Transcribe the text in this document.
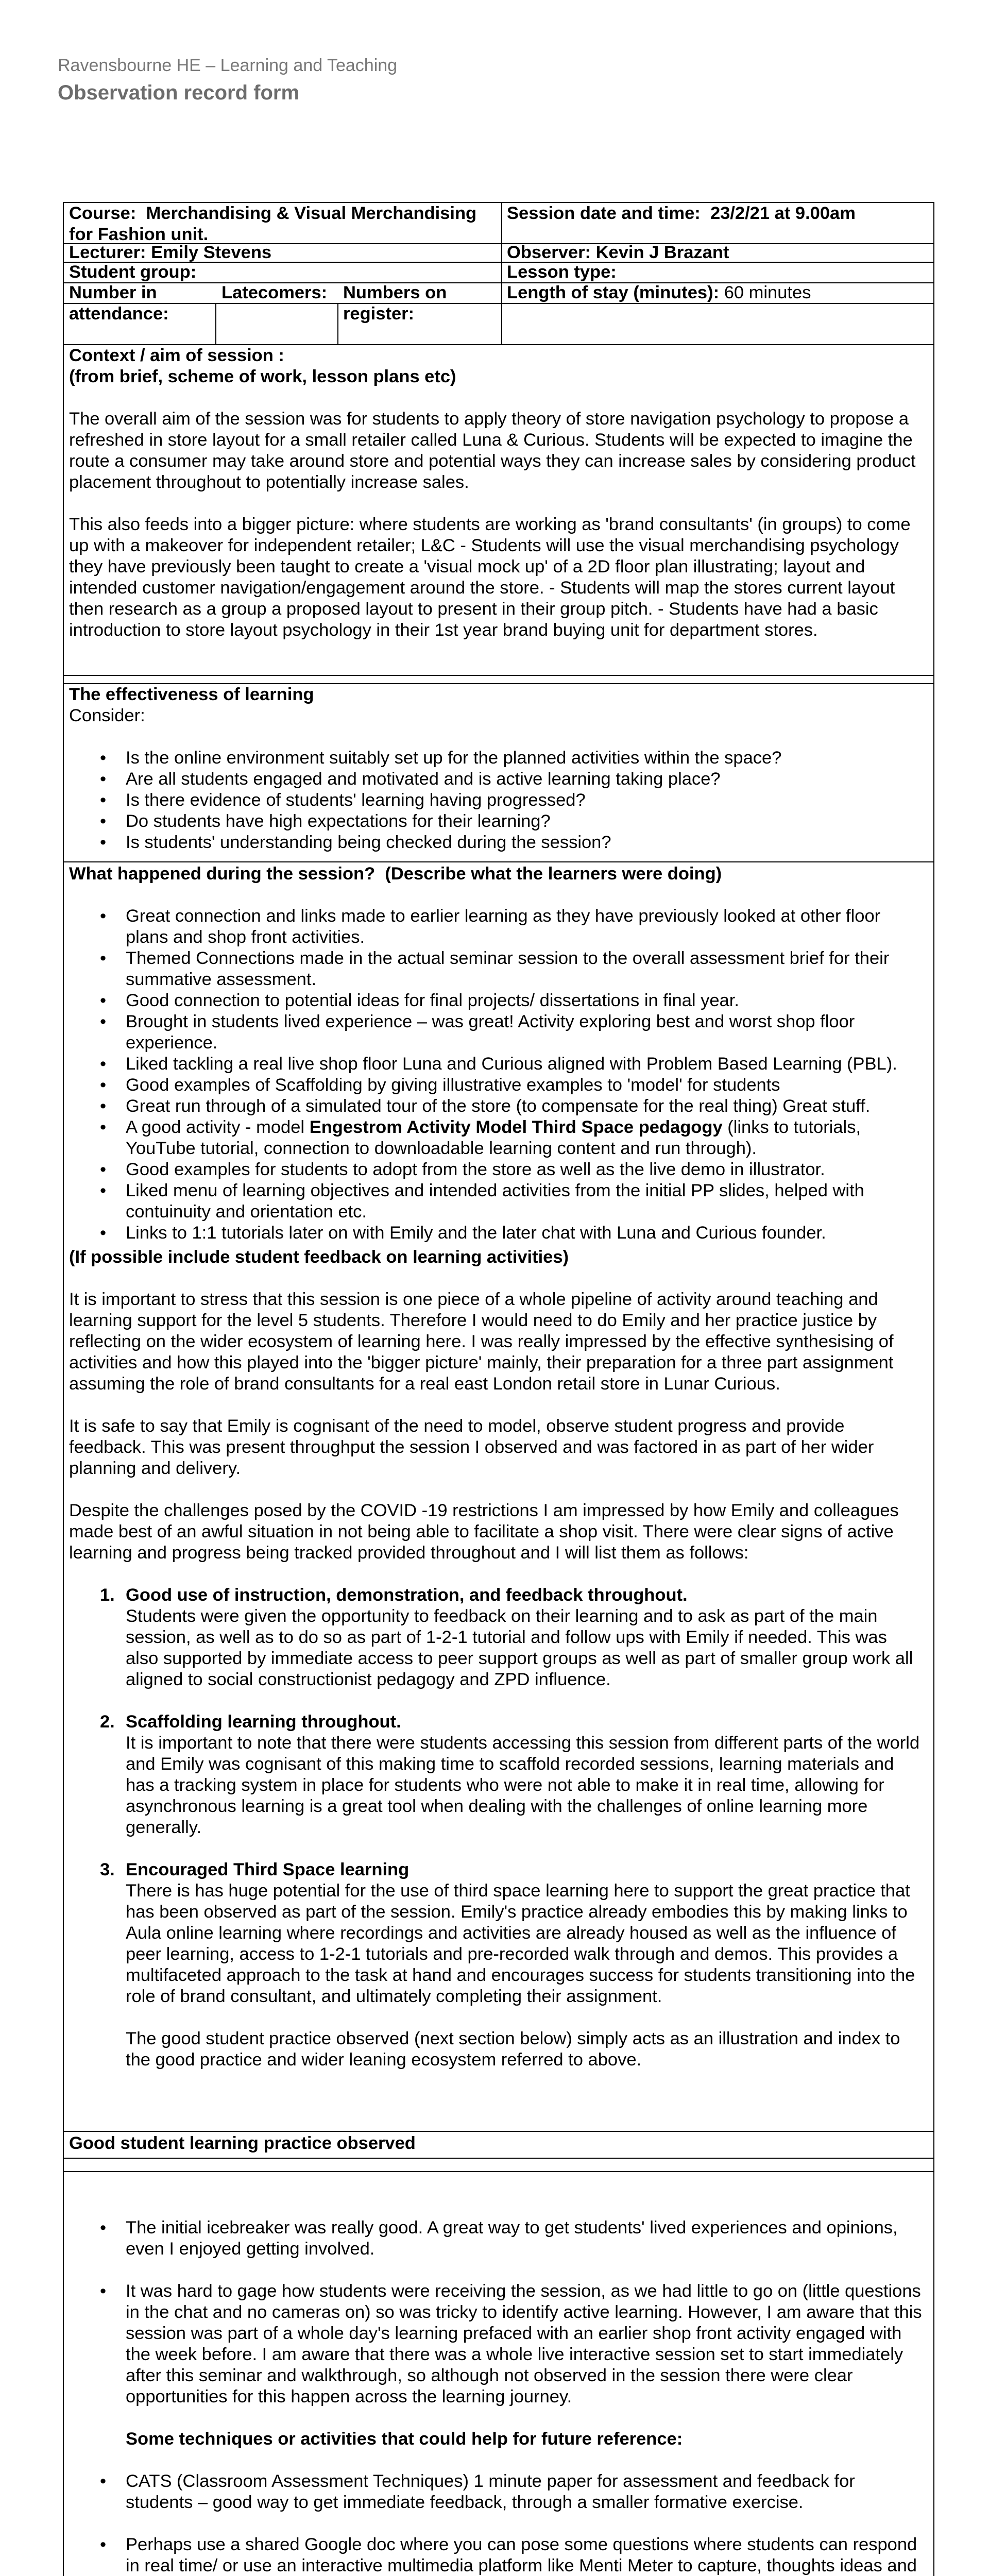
Ravensbourne HE – Learning and Teaching
Observation record form
Course: Merchandising & Visual Merchandising for Fashion unit.
Session date and time: 23/2/21 at 9.00am
Lecturer: Emily Stevens	Observer: Kevin J Brazant
Student group:	Lesson type:
Number in attendance:
Latecomers: Numbers on register:
Length of stay (minutes): 60 minutes

Context / aim of session :

(from brief, scheme of work, lesson plans etc)

The overall aim of the session was for students to apply theory of store navigation psychology to propose a refreshed in store layout for a small retailer called Luna & Curious. Students will be expected to imagine the route a consumer may take around store and potential ways they can increase sales by considering product placement throughout to potentially increase sales.

This also feeds into a bigger picture: where students are working as 'brand consultants' (in groups) to come up with a makeover for independent retailer; L&C - Students will use the visual merchandising psychology they have previously been taught to create a 'visual mock up' of a 2D floor plan illustrating; layout and intended customer navigation/engagement around the store. - Students will map the stores current layout then research as a group a proposed layout to present in their group pitch. - Students have had a basic introduction to store layout psychology in their 1st year brand buying unit for department stores.

The effectiveness of learning

Consider:

• Is the online environment suitably set up for the planned activities within the space?
• Are all students engaged and motivated and is active learning taking place?
• Is there evidence of students' learning having progressed?
• Do students have high expectations for their learning?
• Is students' understanding being checked during the session?

What happened during the session? (Describe what the learners were doing)

• Great connection and links made to earlier learning as they have previously looked at other floor plans and shop front activities.
• Themed Connections made in the actual seminar session to the overall assessment brief for their summative assessment.
• Good connection to potential ideas for final projects/ dissertations in final year.
• Brought in students lived experience – was great! Activity exploring best and worst shop floor experience.
• Liked tackling a real live shop floor Luna and Curious aligned with Problem Based Learning (PBL).
• Good examples of Scaffolding by giving illustrative examples to 'model' for students
• Great run through of a simulated tour of the store (to compensate for the real thing) Great stuff.
• A good activity - model Engestrom Activity Model Third Space pedagogy (links to tutorials, YouTube tutorial, connection to downloadable learning content and run through).
• Good examples for students to adopt from the store as well as the live demo in illustrator.
• Liked menu of learning objectives and intended activities from the initial PP slides, helped with contuinuity and orientation etc.
• Links to 1:1 tutorials later on with Emily and the later chat with Luna and Curious founder.

(If possible include student feedback on learning activities)

It is important to stress that this session is one piece of a whole pipeline of activity around teaching and learning support for the level 5 students. Therefore I would need to do Emily and her practice justice by reflecting on the wider ecosystem of learning here. I was really impressed by the effective synthesising of activities and how this played into the 'bigger picture' mainly, their preparation for a three part assignment assuming the role of brand consultants for a real east London retail store in Lunar Curious.

It is safe to say that Emily is cognisant of the need to model, observe student progress and provide feedback. This was present throughput the session I observed and was factored in as part of her wider planning and delivery.

Despite the challenges posed by the COVID -19 restrictions I am impressed by how Emily and colleagues made best of an awful situation in not being able to facilitate a shop visit. There were clear signs of active learning and progress being tracked provided throughout and I will list them as follows:

1. Good use of instruction, demonstration, and feedback throughout.

Students were given the opportunity to feedback on their learning and to ask as part of the main session, as well as to do so as part of 1-2-1 tutorial and follow ups with Emily if needed. This was also supported by immediate access to peer support groups as well as part of smaller group work all aligned to social constructionist pedagogy and ZPD influence.

2. Scaffolding learning throughout.

It is important to note that there were students accessing this session from different parts of the world and Emily was cognisant of this making time to scaffold recorded sessions, learning materials and has a tracking system in place for students who were not able to make it in real time, allowing for asynchronous learning is a great tool when dealing with the challenges of online learning more generally.

3. Encouraged Third Space learning

There is has huge potential for the use of third space learning here to support the great practice that has been observed as part of the session. Emily's practice already embodies this by making links to Aula online learning where recordings and activities are already housed as well as the influence of peer learning, access to 1-2-1 tutorials and pre-recorded walk through and demos. This provides a multifaceted approach to the task at hand and encourages success for students transitioning into the role of brand consultant, and ultimately completing their assignment.

The good student practice observed (next section below) simply acts as an illustration and index to the good practice and wider leaning ecosystem referred to above.

Good student learning practice observed
• The initial icebreaker was really good. A great way to get students' lived experiences and opinions, even I enjoyed getting involved.
• It was hard to gage how students were receiving the session, as we had little to go on (little questions in the chat and no cameras on) so was tricky to identify active learning. However, I am aware that this session was part of a whole day's learning prefaced with an earlier shop front activity engaged with the week before. I am aware that there was a whole live interactive session set to start immediately after this seminar and walkthrough, so although not observed in the session there were clear opportunities for this happen across the learning journey.

Some techniques or activities that could help for future reference:

• CATS (Classroom Assessment Techniques) 1 minute paper for assessment and feedback for students – good way to get immediate feedback, through a smaller formative exercise.
• Perhaps use a shared Google doc where you can pose some questions where students can respond in real time/ or use an interactive multimedia platform like Menti Meter to capture, thoughts ideas and
